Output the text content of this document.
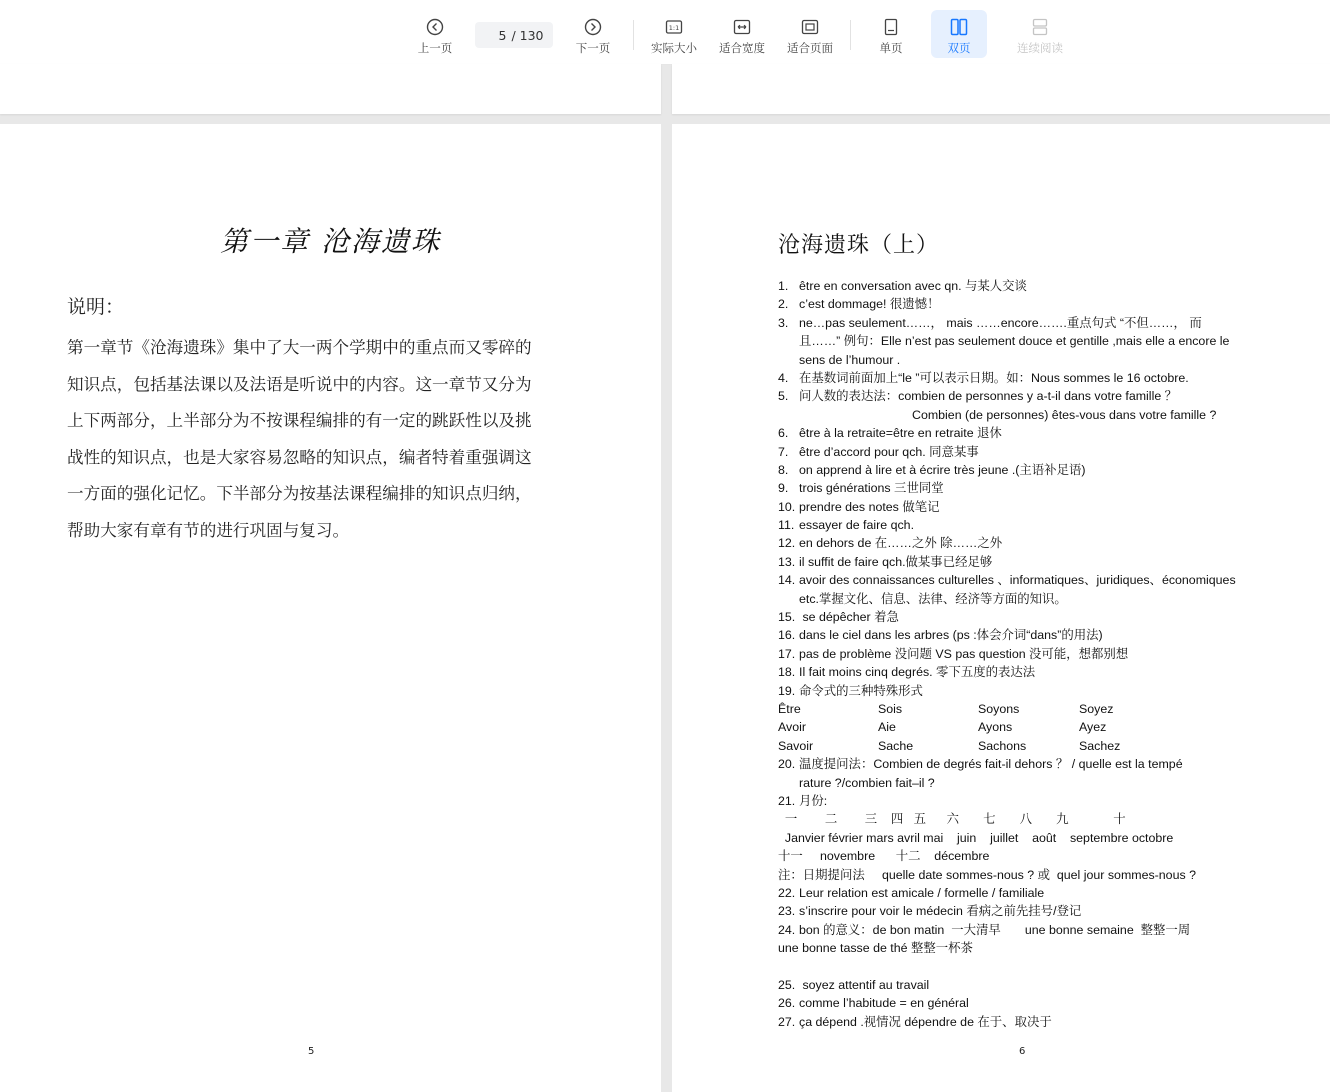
上一页
5
/ 130
下一页
1:1
实际大小 适合宽度 适合页面	单页	双页	连续阅读
第一章 沧海遗珠
说明：
第一章节《沧海遗珠》集中了大一两个学期中的重点而又零碎的
知识点，包括基法课以及法语是听说中的内容。这一章节又分为
上下两部分，上半部分为不按课程编排的有一定的跳跃性以及挑
战性的知识点，也是大家容易忽略的知识点，编者特着重强调这
一方面的强化记忆。下半部分为按基法课程编排的知识点归纳，
帮助大家有章有节的进行巩固与复习。
5
沧海遗珠（上）
1. être en conversation avec qn. 与某人交谈
2. c’est dommage! 很遗憾！
3. ne…pas seulement……， mais ……encore…….重点句式 “不但……， 而
且……” 例句：Elle n’est pas seulement douce et gentille ,mais elle a encore le
sens de l’humour .
4. 在基数词前面加上“le ”可以表示日期。如：Nous sommes le 16 octobre.
5. 问人数的表达法：combien de personnes y a-t-il dans votre famille ？
Combien (de personnes) êtes-vous dans votre famille ?
6. être à la retraite=être en retraite 退休
7. être d’accord pour qch. 同意某事
8. on apprend à lire et à écrire très jeune .(主语补足语)
9. trois générations 三世同堂
10. prendre des notes 做笔记
11. essayer de faire qch.
12. en dehors de 在……之外 除……之外
13. il suffit de faire qch.做某事已经足够
14. avoir des connaissances culturelles 、informatiques、juridiques、économiques
etc.掌握文化、信息、法律、经济等方面的知识。
15. se dépêcher 着急
16. dans le ciel dans les arbres (ps :体会介词“dans”的用法)
17. pas de problème 没问题 VS pas question 没可能，想都别想
18. Il fait moins cinq degrés. 零下五度的表达法
19. 命令式的三种特殊形式
Être	Sois	Soyons	Soyez
Avoir	Aie	Ayons	Ayez
Savoir	Sache	Sachons	Sachez
20. 温度提问法：Combien de degrés fait-il dehors ？ / quelle est la tempé
rature ?/combien fait–il ?
21. 月份:
一        二        三    四   五      六       七       八       九             十
Janvier février mars avril mai    juin    juillet    août    septembre octobre
十一     novembre      十二    décembre
注：日期提问法     quelle date sommes-nous ? 或  quel jour sommes-nous ?
22. Leur relation est amicale / formelle / familiale
23. s’inscrire pour voir le médecin 看病之前先挂号/登记
24. bon 的意义：de bon matin  一大清早       une bonne semaine  整整一周
une bonne tasse de thé 整整一杯茶
25. soyez attentif au travail
26. comme l’habitude = en général
27. ça dépend .视情况 dépendre de 在于、取决于
6
